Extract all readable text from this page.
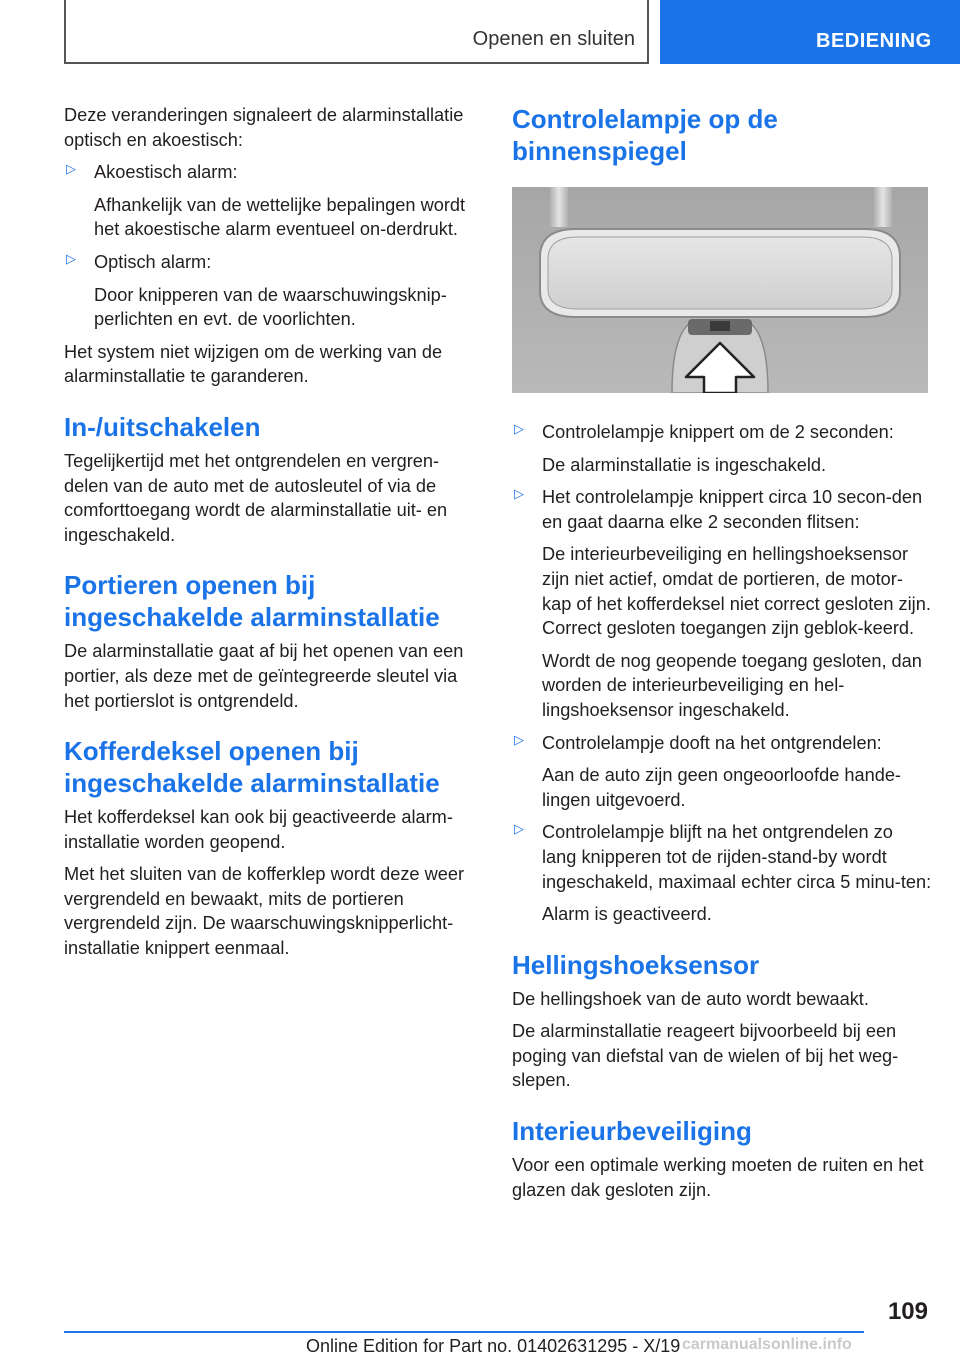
Openen en sluiten	BEDIENING

Deze veranderingen signaleert de alarminstallatie optisch en akoestisch:

▷ Akoestisch alarm:

Afhankelijk van de wettelijke bepalingen wordt het akoestische alarm eventueel on-derdrukt.

▷ Optisch alarm:

Door knipperen van de waarschuwingsknip-perlichten en evt. de voorlichten.

Het system niet wijzigen om de werking van de alarminstallatie te garanderen.

In-/uitschakelen

Tegelijkertijd met het ontgrendelen en vergren-delen van de auto met de autosleutel of via de comforttoegang wordt de alarminstallatie uit- en ingeschakeld.

Portieren openen bij ingeschakelde alarminstallatie

De alarminstallatie gaat af bij het openen van een portier, als deze met de geïntegreerde sleutel via het portierslot is ontgrendeld.

Kofferdeksel openen bij ingeschakelde alarminstallatie

Het kofferdeksel kan ook bij geactiveerde alarm-installatie worden geopend.

Met het sluiten van de kofferklep wordt deze weer vergrendeld en bewaakt, mits de portieren vergrendeld zijn. De waarschuwingsknipperlicht-installatie knippert eenmaal.

Controlelampje op de binnenspiegel
▷ Controlelampje knippert om de 2 seconden:

De alarminstallatie is ingeschakeld.

▷ Het controlelampje knippert circa 10 secon-den en gaat daarna elke 2 seconden flitsen:

De interieurbeveiliging en hellingshoeksensor zijn niet actief, omdat de portieren, de motor-kap of het kofferdeksel niet correct gesloten zijn. Correct gesloten toegangen zijn geblok-keerd.

Wordt de nog geopende toegang gesloten, dan worden de interieurbeveiliging en hel-lingshoeksensor ingeschakeld.

▷ Controlelampje dooft na het ontgrendelen:

Aan de auto zijn geen ongeoorloofde hande-lingen uitgevoerd.

▷ Controlelampje blijft na het ontgrendelen zo lang knipperen tot de rijden-stand-by wordt ingeschakeld, maximaal echter circa 5 minu-ten:

Alarm is geactiveerd.

Hellingshoeksensor

De hellingshoek van de auto wordt bewaakt.

De alarminstallatie reageert bijvoorbeeld bij een poging van diefstal van de wielen of bij het weg-slepen.

Interieurbeveiliging

Voor een optimale werking moeten de ruiten en het glazen dak gesloten zijn.

109
Online Edition for Part no. 01402631295 - X/19 carmanualsonline.info
